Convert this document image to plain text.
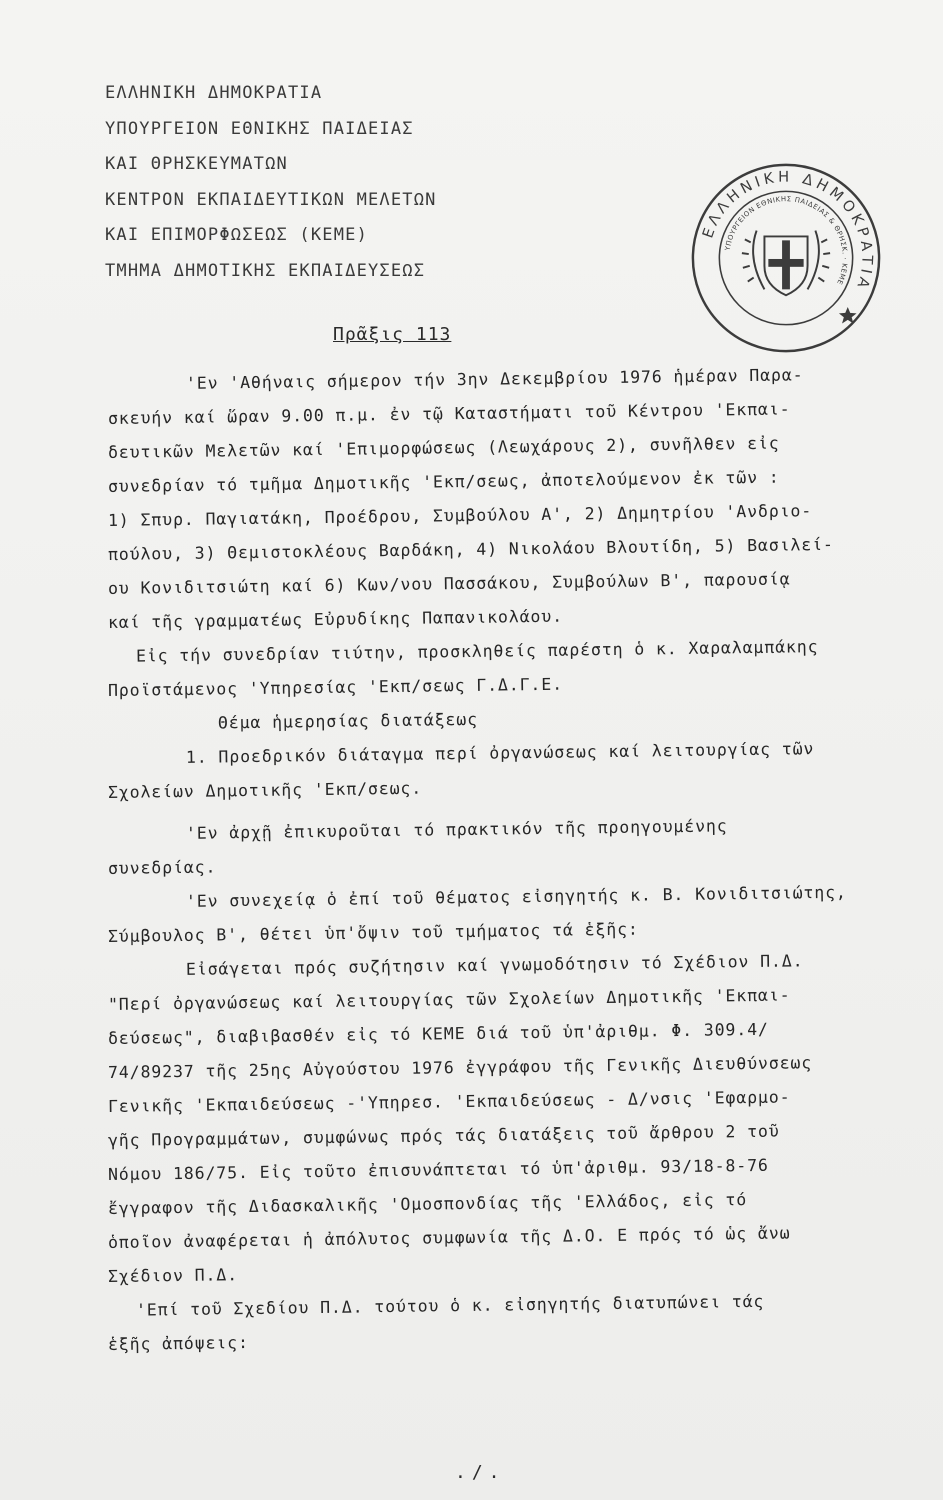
ΕΛΛΗΝΙΚΗ ΔΗΜΟΚΡΑΤΙΑ
ΥΠΟΥΡΓΕΙΟΝ ΕΘΝΙΚΗΣ ΠΑΙΔΕΙΑΣ
ΚΑΙ ΘΡΗΣΚΕΥΜΑΤΩΝ
ΚΕΝΤΡΟΝ ΕΚΠΑΙΔΕΥΤΙΚΩΝ ΜΕΛΕΤΩΝ
ΚΑΙ ΕΠΙΜΟΡΦΩΣΕΩΣ (ΚΕΜΕ)
ΤΜΗΜΑ ΔΗΜΟΤΙΚΗΣ ΕΚΠΑΙΔΕΥΣΕΩΣ
ΕΛΛΗΝΙΚΗ ΔΗΜΟΚΡΑΤΙΑ
ΥΠΟΥΡΓΕΙΟΝ ΕΘΝΙΚΗΣ ΠΑΙΔΕΙΑΣ & ΘΡΗΣΚ. · ΚΕΜΕ
Πρᾶξις 113

'Εν 'Αθήναις σήμερον τήν 3ην Δεκεμβρίου 1976 ἡμέραν Παρα-

σκευήν καί ὥραν 9.00 π.μ. ἐν τῷ Καταστήματι τοῦ Κέντρου 'Εκπαι-

δευτικῶν Μελετῶν καί 'Επιμορφώσεως (Λεωχάρους 2), συνῆλθεν εἰς

συνεδρίαν τό τμῆμα Δημοτικῆς 'Εκπ/σεως, ἀποτελούμενον ἐκ τῶν :

1) Σπυρ. Παγιατάκη, Προέδρου, Συμβούλου Α', 2) Δημητρίου 'Ανδριο-

πούλου, 3) Θεμιστοκλέους Βαρδάκη, 4) Νικολάου Βλουτίδη, 5) Βασιλεί-

ου Κονιδιτσιώτη καί 6) Κων/νου Πασσάκου, Συμβούλων Β', παρουσίᾳ

καί τῆς γραμματέως Εὐρυδίκης Παπανικολάου.

Εἰς τήν συνεδρίαν τιύτην, προσκληθείς παρέστη ὁ κ. Χαραλαμπάκης

Προϊστάμενος 'Υπηρεσίας 'Εκπ/σεως Γ.Δ.Γ.Ε.

Θέμα ἡμερησίας διατάξεως

1. Προεδρικόν διάταγμα περί ὀργανώσεως καί λειτουργίας τῶν

Σχολείων Δημοτικῆς 'Εκπ/σεως.

'Εν ἀρχῇ ἐπικυροῦται τό πρακτικόν τῆς προηγουμένης

συνεδρίας.

'Εν συνεχείᾳ ὁ ἐπί τοῦ θέματος εἰσηγητής κ. Β. Κονιδιτσιώτης,

Σύμβουλος Β', θέτει ὑπ'ὄψιν τοῦ τμήματος τά ἑξῆς:

Εἰσάγεται πρός συζήτησιν καί γνωμοδότησιν τό Σχέδιον Π.Δ.

"Περί ὀργανώσεως καί λειτουργίας τῶν Σχολείων Δημοτικῆς 'Εκπαι-

δεύσεως", διαβιβασθέν εἰς τό ΚΕΜΕ διά τοῦ ὑπ'ἀριθμ. Φ. 309.4/

74/89237 τῆς 25ης Αὐγούστου 1976 ἐγγράφου τῆς Γενικῆς Διευθύνσεως

Γενικῆς 'Εκπαιδεύσεως -'Υπηρεσ. 'Εκπαιδεύσεως - Δ/νσις 'Εφαρμο-

γῆς Προγραμμάτων, συμφώνως πρός τάς διατάξεις τοῦ ἄρθρου 2 τοῦ

Νόμου 186/75. Εἰς τοῦτο ἐπισυνάπτεται τό ὑπ'ἀριθμ. 93/18-8-76

ἔγγραφον τῆς Διδασκαλικῆς 'Ομοσπονδίας τῆς 'Ελλάδος, εἰς τό

ὁποῖον ἀναφέρεται ἡ ἀπόλυτος συμφωνία τῆς Δ.Ο. Ε πρός τό ὡς ἄνω

Σχέδιον Π.Δ.

'Επί τοῦ Σχεδίου Π.Δ. τούτου ὁ κ. εἰσηγητής διατυπώνει τάς

ἑξῆς ἀπόψεις:

./.
